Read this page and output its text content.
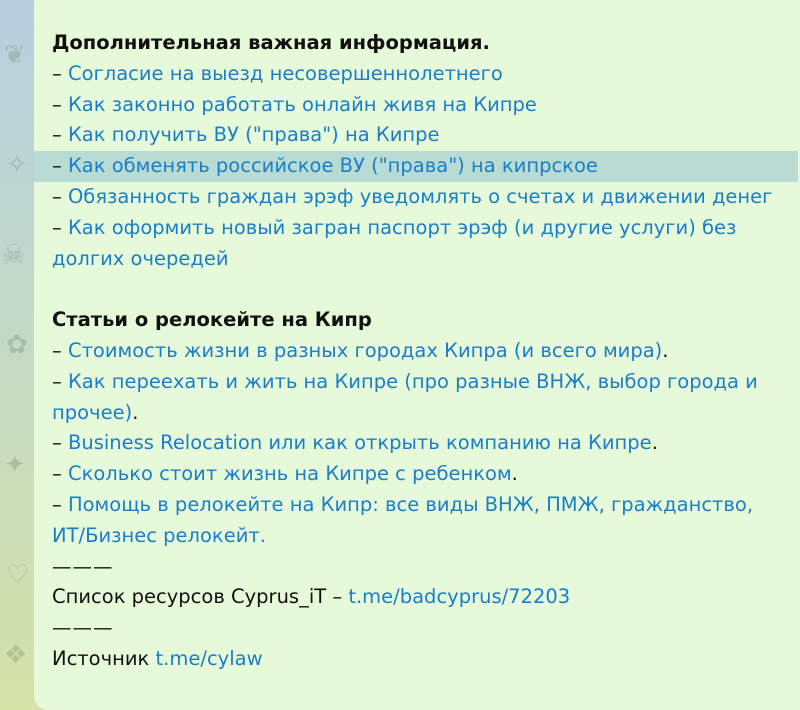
❦
✧
☠
✿
✦
♡
❖
Дополнительная важная информация.
– Согласие на выезд несовершеннолетнего
– Как законно работать онлайн живя на Кипре
– Как получить ВУ ("права") на Кипре
– Как обменять российское ВУ ("права") на кипрское
– Обязанность граждан эрэф уведомлять о счетах и движении денег
– Как оформить новый загран паспорт эрэф (и другие услуги) без долгих очередей
Статьи о релокейте на Кипр
– Стоимость жизни в разных городах Кипра (и всего мира).
– Как переехать и жить на Кипре (про разные ВНЖ, выбор города и прочее).
– Business Relocation или как открыть компанию на Кипре.
– Сколько стоит жизнь на Кипре с ребенком.
– Помощь в релокейте на Кипр: все виды ВНЖ, ПМЖ, гражданство, ИТ/Бизнес релокейт.
———
Список ресурсов Cyprus_iT – t.me/badcyprus/72203
———
Источник t.me/cylaw
